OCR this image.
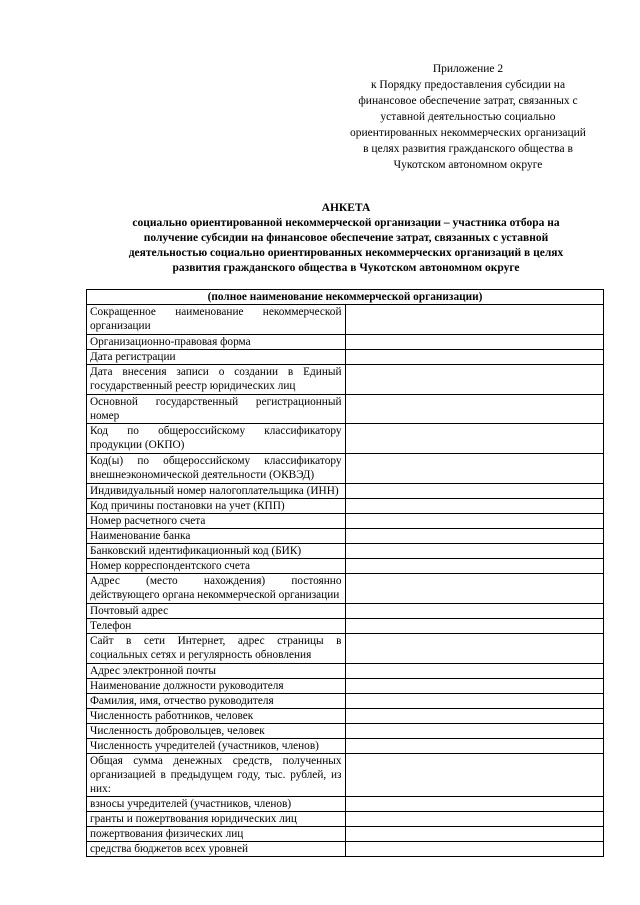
Приложение 2
к Порядку предоставления субсидии на
финансовое обеспечение затрат, связанных с
уставной деятельностью социально
ориентированных некоммерческих организаций
в целях развития гражданского общества в
Чукотском автономном округе
АНКЕТА
социально ориентированной некоммерческой организации – участника отбора на
получение субсидии на финансовое обеспечение затрат, связанных с уставной
деятельностью социально ориентированных некоммерческих организаций в целях
развития гражданского общества в Чукотском автономном округе
(полное наименование некоммерческой организации)	
Сокращенное наименование некоммерческой организации	
Организационно-правовая форма	
Дата регистрации	
Дата внесения записи о создании в Единый государственный реестр юридических лиц	
Основной государственный регистрационный номер	
Код по общероссийскому классификатору продукции (ОКПО)	
Код(ы) по общероссийскому классификатору внешнеэкономической деятельности (ОКВЭД)	
Индивидуальный номер налогоплательщика (ИНН)	
Код причины постановки на учет (КПП)	
Номер расчетного счета	
Наименование банка	
Банковский идентификационный код (БИК)	
Номер корреспондентского счета	
Адрес (место нахождения) постоянно действующего органа некоммерческой организации	
Почтовый адрес	
Телефон	
Сайт в сети Интернет, адрес страницы в социальных сетях и регулярность обновления	
Адрес электронной почты	
Наименование должности руководителя	
Фамилия, имя, отчество руководителя	
Численность работников, человек	
Численность добровольцев, человек	
Численность учредителей (участников, членов)	
Общая сумма денежных средств, полученных организацией в предыдущем году, тыс. рублей, из них:	
взносы учредителей (участников, членов)	
гранты и пожертвования юридических лиц	
пожертвования физических лиц	
средства бюджетов всех уровней	
